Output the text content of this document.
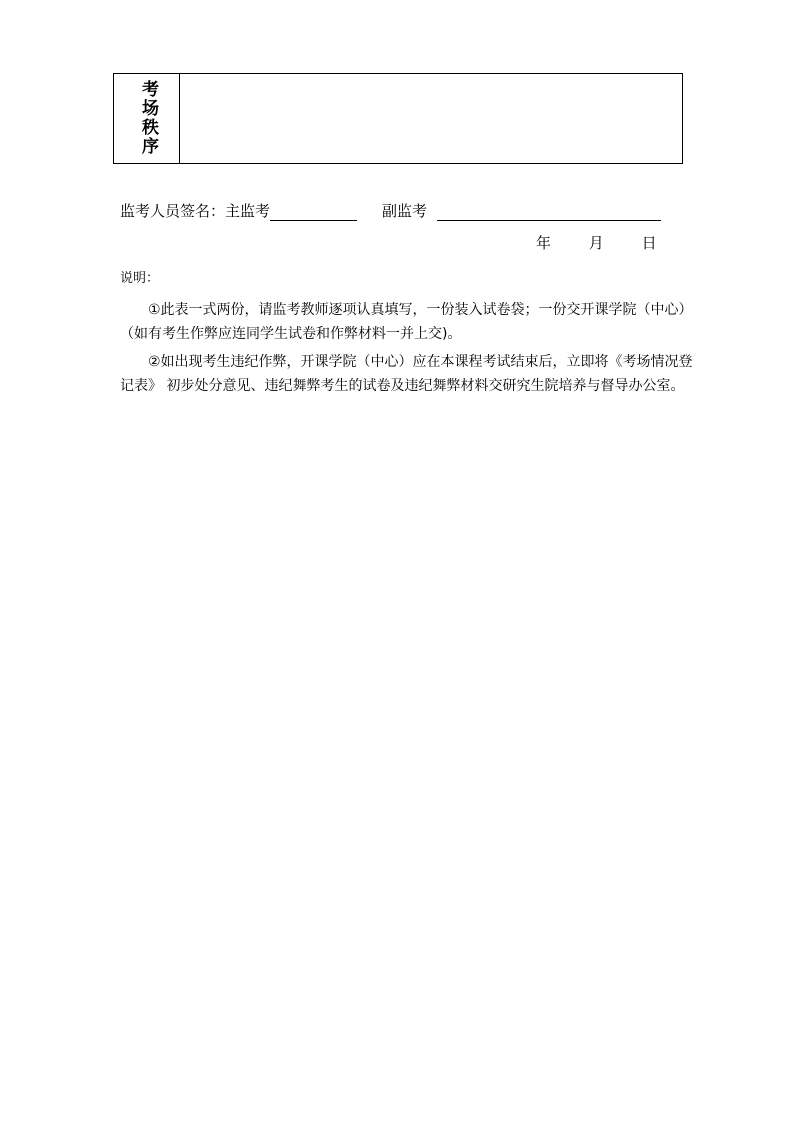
考
场
秩
序
监考人员签名：主监考	副监考
年	月	日
说明：
①此表一式两份，请监考教师逐项认真填写，一份装入试卷袋；一份交开课学院（中心）（如有考生作弊应连同学生试卷和作弊材料一并上交)。
②如出现考生违纪作弊，开课学院（中心）应在本课程考试结束后，立即将《考场情况登记表》 初步处分意见、违纪舞弊考生的试卷及违纪舞弊材料交研究生院培养与督导办公室。
